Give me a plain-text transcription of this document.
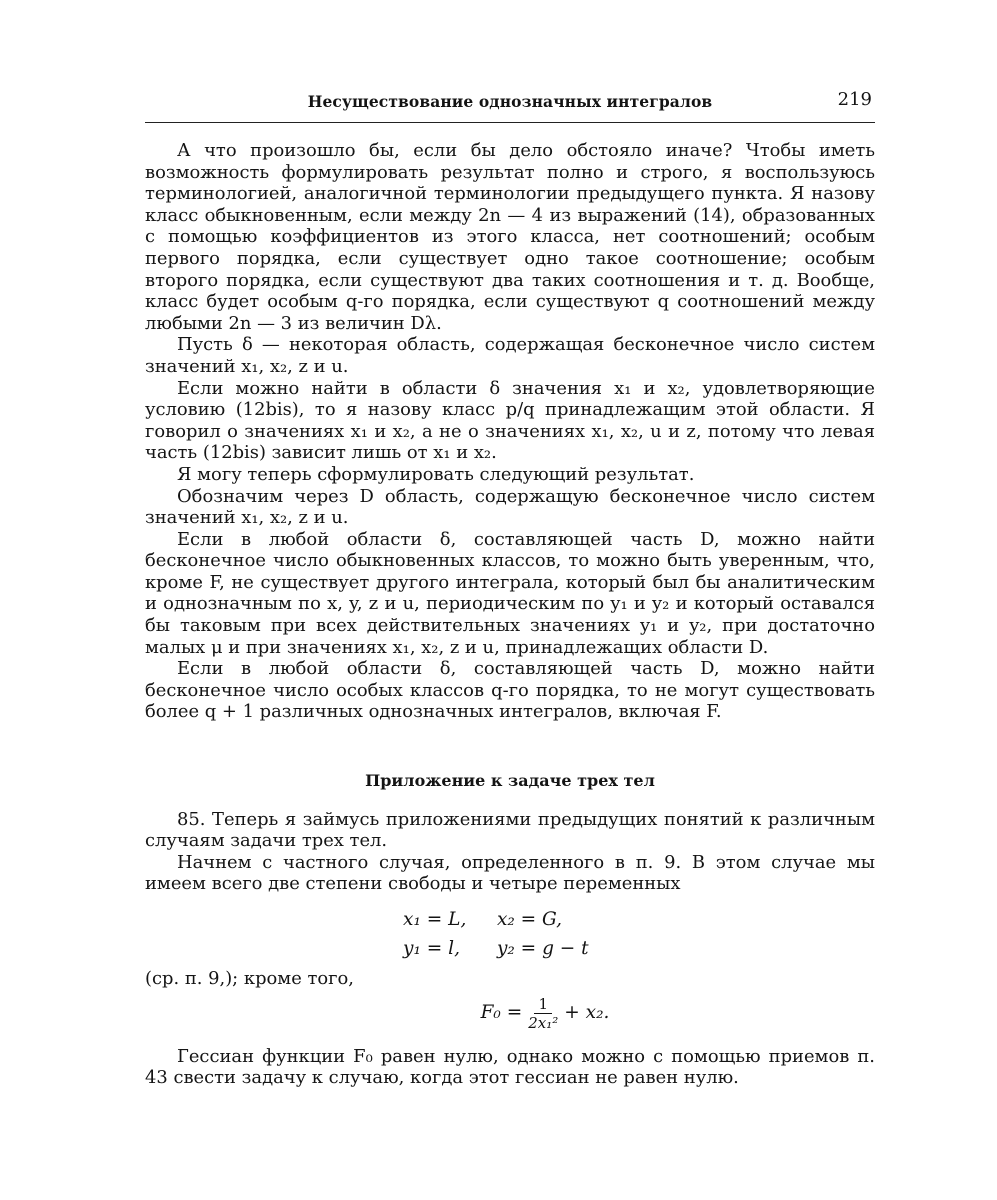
Несуществование однозначных интегралов	219

А что произошло бы, если бы дело обстояло иначе? Чтобы иметь возможность формулировать результат полно и строго, я воспользуюсь терминологией, аналогичной терминологии предыдущего пункта. Я назову класс обыкновенным, если между 2n — 4 из выражений (14), образованных с помощью коэффициентов из этого класса, нет соотношений; особым первого порядка, если существует одно такое соотношение; особым второго порядка, если существуют два таких соотношения и т. д. Вообще, класс будет особым q-го порядка, если существуют q соотношений между любыми 2n — 3 из величин Dλ.

Пусть δ — некоторая область, содержащая бесконечное число систем значений x₁, x₂, z и u.

Если можно найти в области δ значения x₁ и x₂, удовлетворяющие условию (12bis), то я назову класс p/q принадлежащим этой области. Я говорил о значениях x₁ и x₂, а не о значениях x₁, x₂, u и z, потому что левая часть (12bis) зависит лишь от x₁ и x₂.

Я могу теперь сформулировать следующий результат.

Обозначим через D область, содержащую бесконечное число систем значений x₁, x₂, z и u.

Если в любой области δ, составляющей часть D, можно найти бесконечное число обыкновенных классов, то можно быть уверенным, что, кроме F, не существует другого интеграла, который был бы аналитическим и однозначным по x, y, z и u, периодическим по y₁ и y₂ и который оставался бы таковым при всех действительных значениях y₁ и y₂, при достаточно малых μ и при значениях x₁, x₂, z и u, принадлежащих области D.

Если в любой области δ, составляющей часть D, можно найти бесконечное число особых классов q-го порядка, то не могут существовать более q + 1 различных однозначных интегралов, включая F.

Приложение к задаче трех тел

85. Теперь я займусь приложениями предыдущих понятий к различным случаям задачи трех тел.

Начнем с частного случая, определенного в п. 9. В этом случае мы имеем всего две степени свободы и четыре переменных

x₁ = L, x₂ = G,
y₁ = l, y₂ = g − t

(ср. п. 9,); кроме того,

$F_0 = \frac{1}{\text{2x₁²}} + x_2$.

Гессиан функции F₀ равен нулю, однако можно с помощью приемов п. 43 свести задачу к случаю, когда этот гессиан не равен нулю.
